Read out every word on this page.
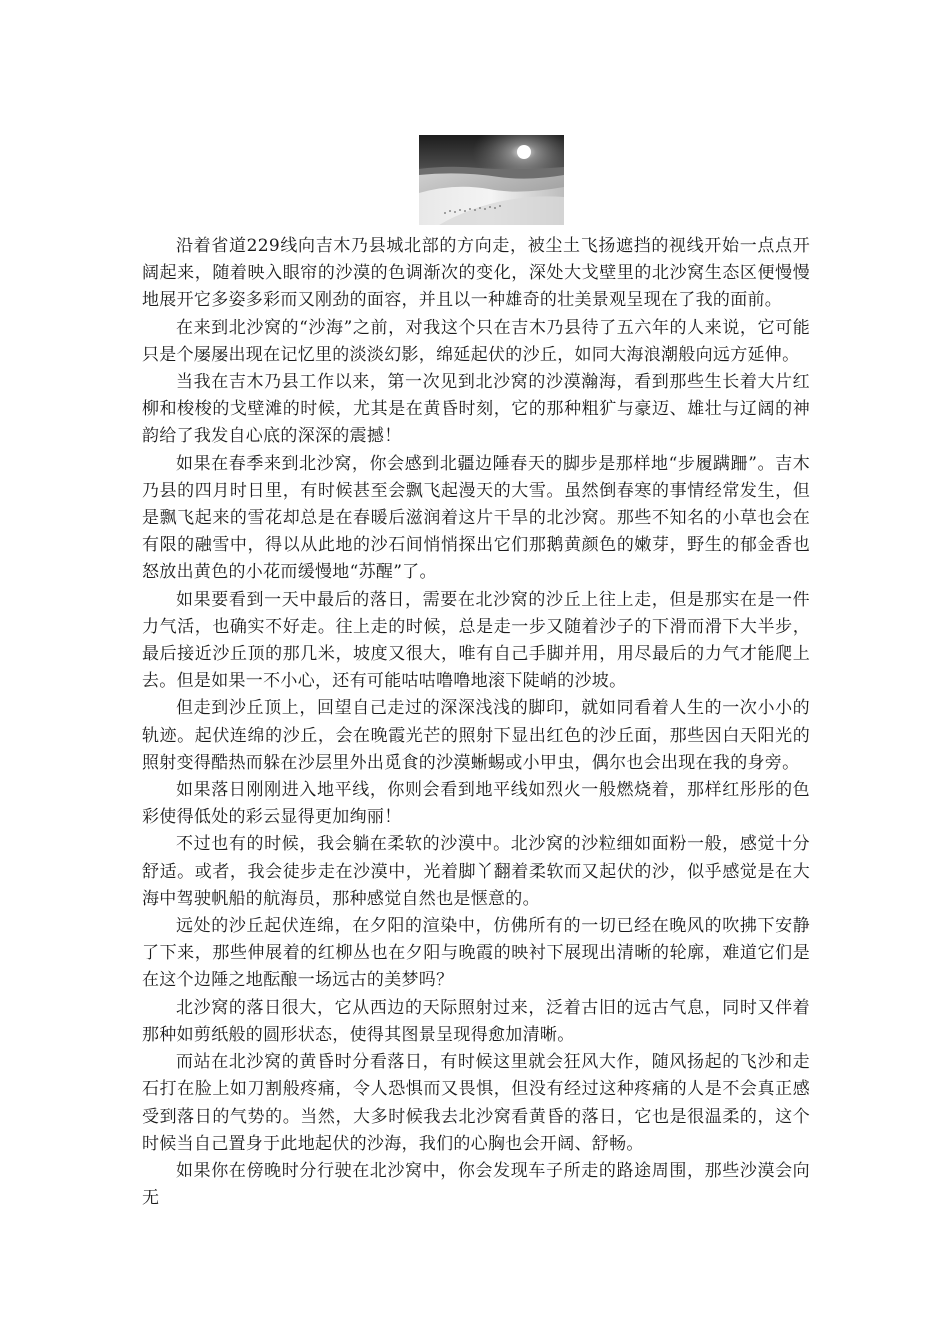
沿着省道229线向吉木乃县城北部的方向走，被尘土飞扬遮挡的视线开始一点点开阔起来，随着映入眼帘的沙漠的色调渐次的变化，深处大戈壁里的北沙窝生态区便慢慢地展开它多姿多彩而又刚劲的面容，并且以一种雄奇的壮美景观呈现在了我的面前。

在来到北沙窝的“沙海”之前，对我这个只在吉木乃县待了五六年的人来说，它可能只是个屡屡出现在记忆里的淡淡幻影，绵延起伏的沙丘，如同大海浪潮般向远方延伸。

当我在吉木乃县工作以来，第一次见到北沙窝的沙漠瀚海，看到那些生长着大片红柳和梭梭的戈壁滩的时候，尤其是在黄昏时刻，它的那种粗犷与豪迈、雄壮与辽阔的神韵给了我发自心底的深深的震撼！

如果在春季来到北沙窝，你会感到北疆边陲春天的脚步是那样地“步履蹒跚”。吉木乃县的四月时日里，有时候甚至会飘飞起漫天的大雪。虽然倒春寒的事情经常发生，但是飘飞起来的雪花却总是在春暖后滋润着这片干旱的北沙窝。那些不知名的小草也会在有限的融雪中，得以从此地的沙石间悄悄探出它们那鹅黄颜色的嫩芽，野生的郁金香也怒放出黄色的小花而缓慢地“苏醒”了。

如果要看到一天中最后的落日，需要在北沙窝的沙丘上往上走，但是那实在是一件力气活，也确实不好走。往上走的时候，总是走一步又随着沙子的下滑而滑下大半步，最后接近沙丘顶的那几米，坡度又很大，唯有自己手脚并用，用尽最后的力气才能爬上去。但是如果一不小心，还有可能咕咕噜噜地滚下陡峭的沙坡。

但走到沙丘顶上，回望自己走过的深深浅浅的脚印，就如同看着人生的一次小小的轨迹。起伏连绵的沙丘，会在晚霞光芒的照射下显出红色的沙丘面，那些因白天阳光的照射变得酷热而躲在沙层里外出觅食的沙漠蜥蜴或小甲虫，偶尔也会出现在我的身旁。

如果落日刚刚进入地平线，你则会看到地平线如烈火一般燃烧着，那样红彤彤的色彩使得低处的彩云显得更加绚丽！

不过也有的时候，我会躺在柔软的沙漠中。北沙窝的沙粒细如面粉一般，感觉十分舒适。或者，我会徒步走在沙漠中，光着脚丫翻着柔软而又起伏的沙，似乎感觉是在大海中驾驶帆船的航海员，那种感觉自然也是惬意的。

远处的沙丘起伏连绵，在夕阳的渲染中，仿佛所有的一切已经在晚风的吹拂下安静了下来，那些伸展着的红柳丛也在夕阳与晚霞的映衬下展现出清晰的轮廓，难道它们是在这个边陲之地酝酿一场远古的美梦吗？

北沙窝的落日很大，它从西边的天际照射过来，泛着古旧的远古气息，同时又伴着那种如剪纸般的圆形状态，使得其图景呈现得愈加清晰。

而站在北沙窝的黄昏时分看落日，有时候这里就会狂风大作，随风扬起的飞沙和走石打在脸上如刀割般疼痛，令人恐惧而又畏惧，但没有经过这种疼痛的人是不会真正感受到落日的气势的。当然，大多时候我去北沙窝看黄昏的落日，它也是很温柔的，这个时候当自己置身于此地起伏的沙海，我们的心胸也会开阔、舒畅。

如果你在傍晚时分行驶在北沙窝中，你会发现车子所走的路途周围，那些沙漠会向无
